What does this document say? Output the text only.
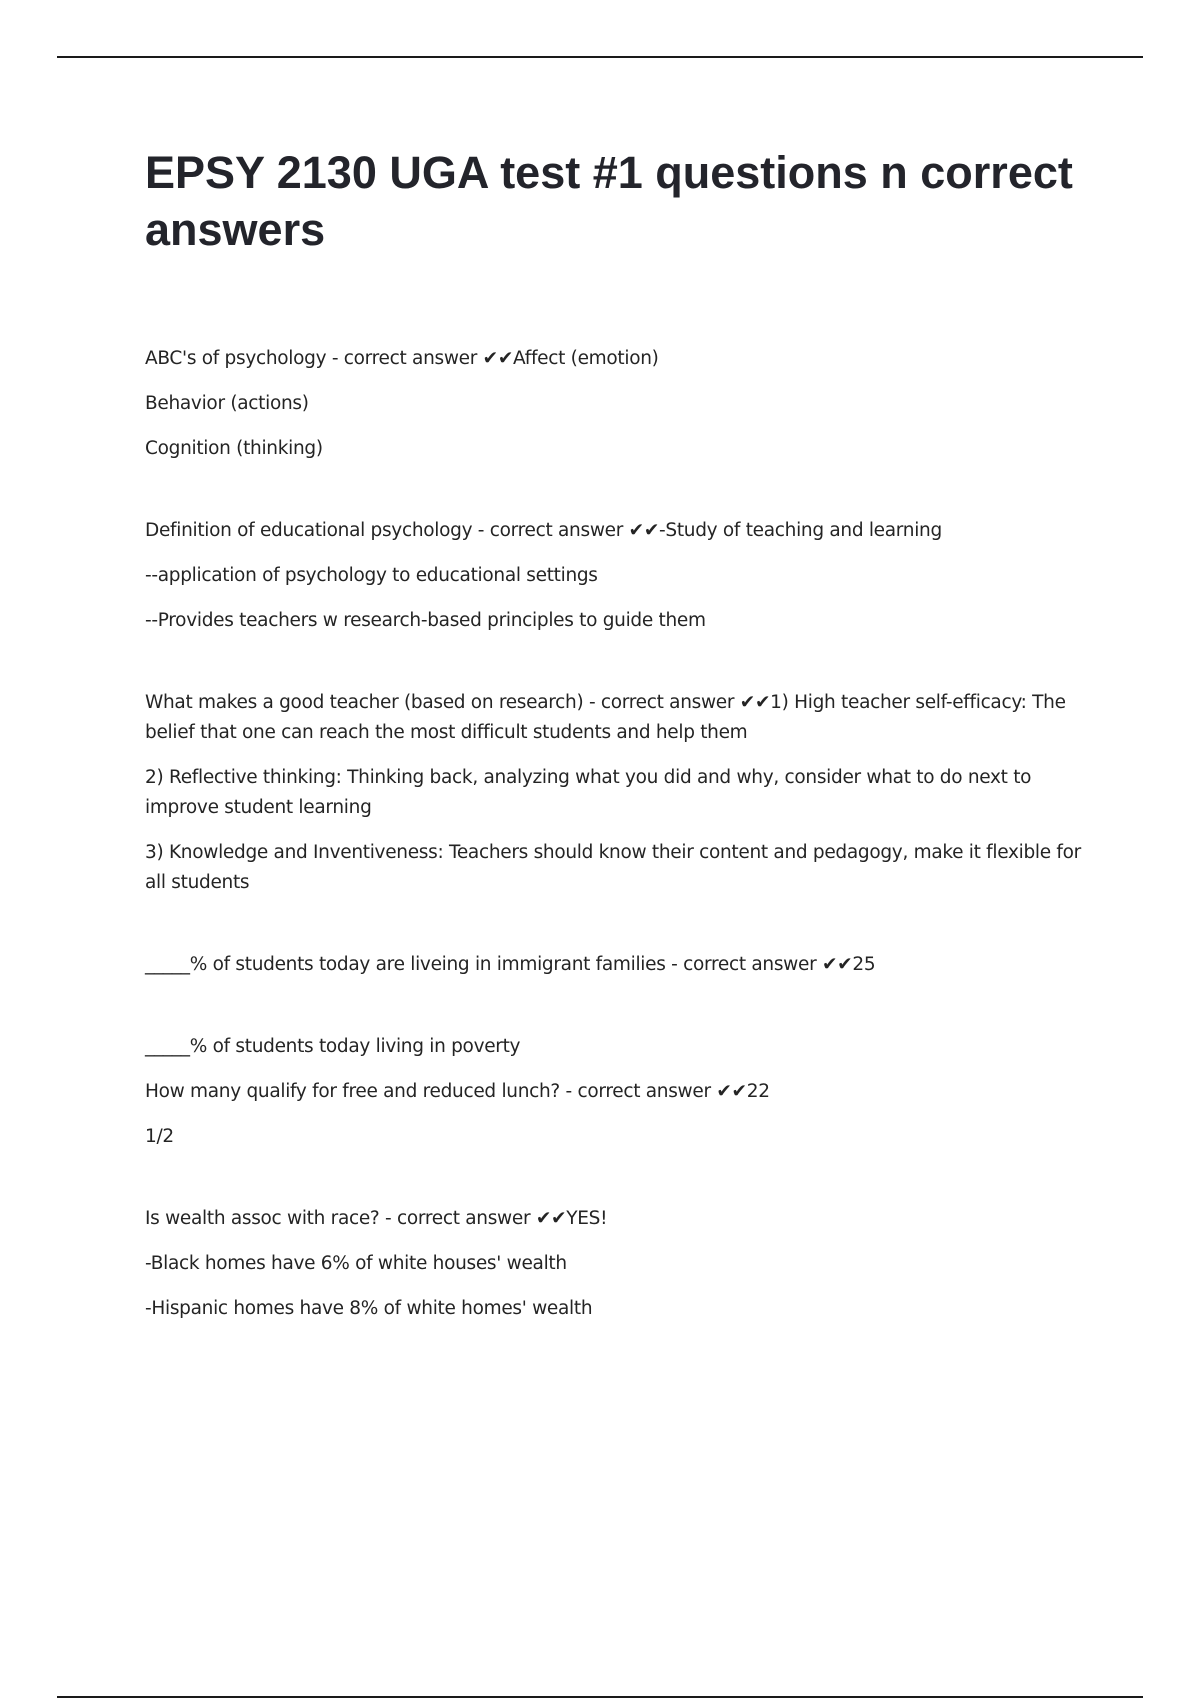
EPSY 2130 UGA test #1 questions n correct answers

ABC's of psychology - correct answer ✔✔Affect (emotion)

Behavior (actions)

Cognition (thinking)

Definition of educational psychology - correct answer ✔✔-Study of teaching and learning

--application of psychology to educational settings

--Provides teachers w research-based principles to guide them

What makes a good teacher (based on research) - correct answer ✔✔1) High teacher self-efficacy: The belief that one can reach the most difficult students and help them

2) Reflective thinking: Thinking back, analyzing what you did and why, consider what to do next to improve student learning

3) Knowledge and Inventiveness: Teachers should know their content and pedagogy, make it flexible for all students

_____% of students today are liveing in immigrant families - correct answer ✔✔25

_____% of students today living in poverty

How many qualify for free and reduced lunch? - correct answer ✔✔22

1/2

Is wealth assoc with race? - correct answer ✔✔YES!

-Black homes have 6% of white houses' wealth

-Hispanic homes have 8% of white homes' wealth
